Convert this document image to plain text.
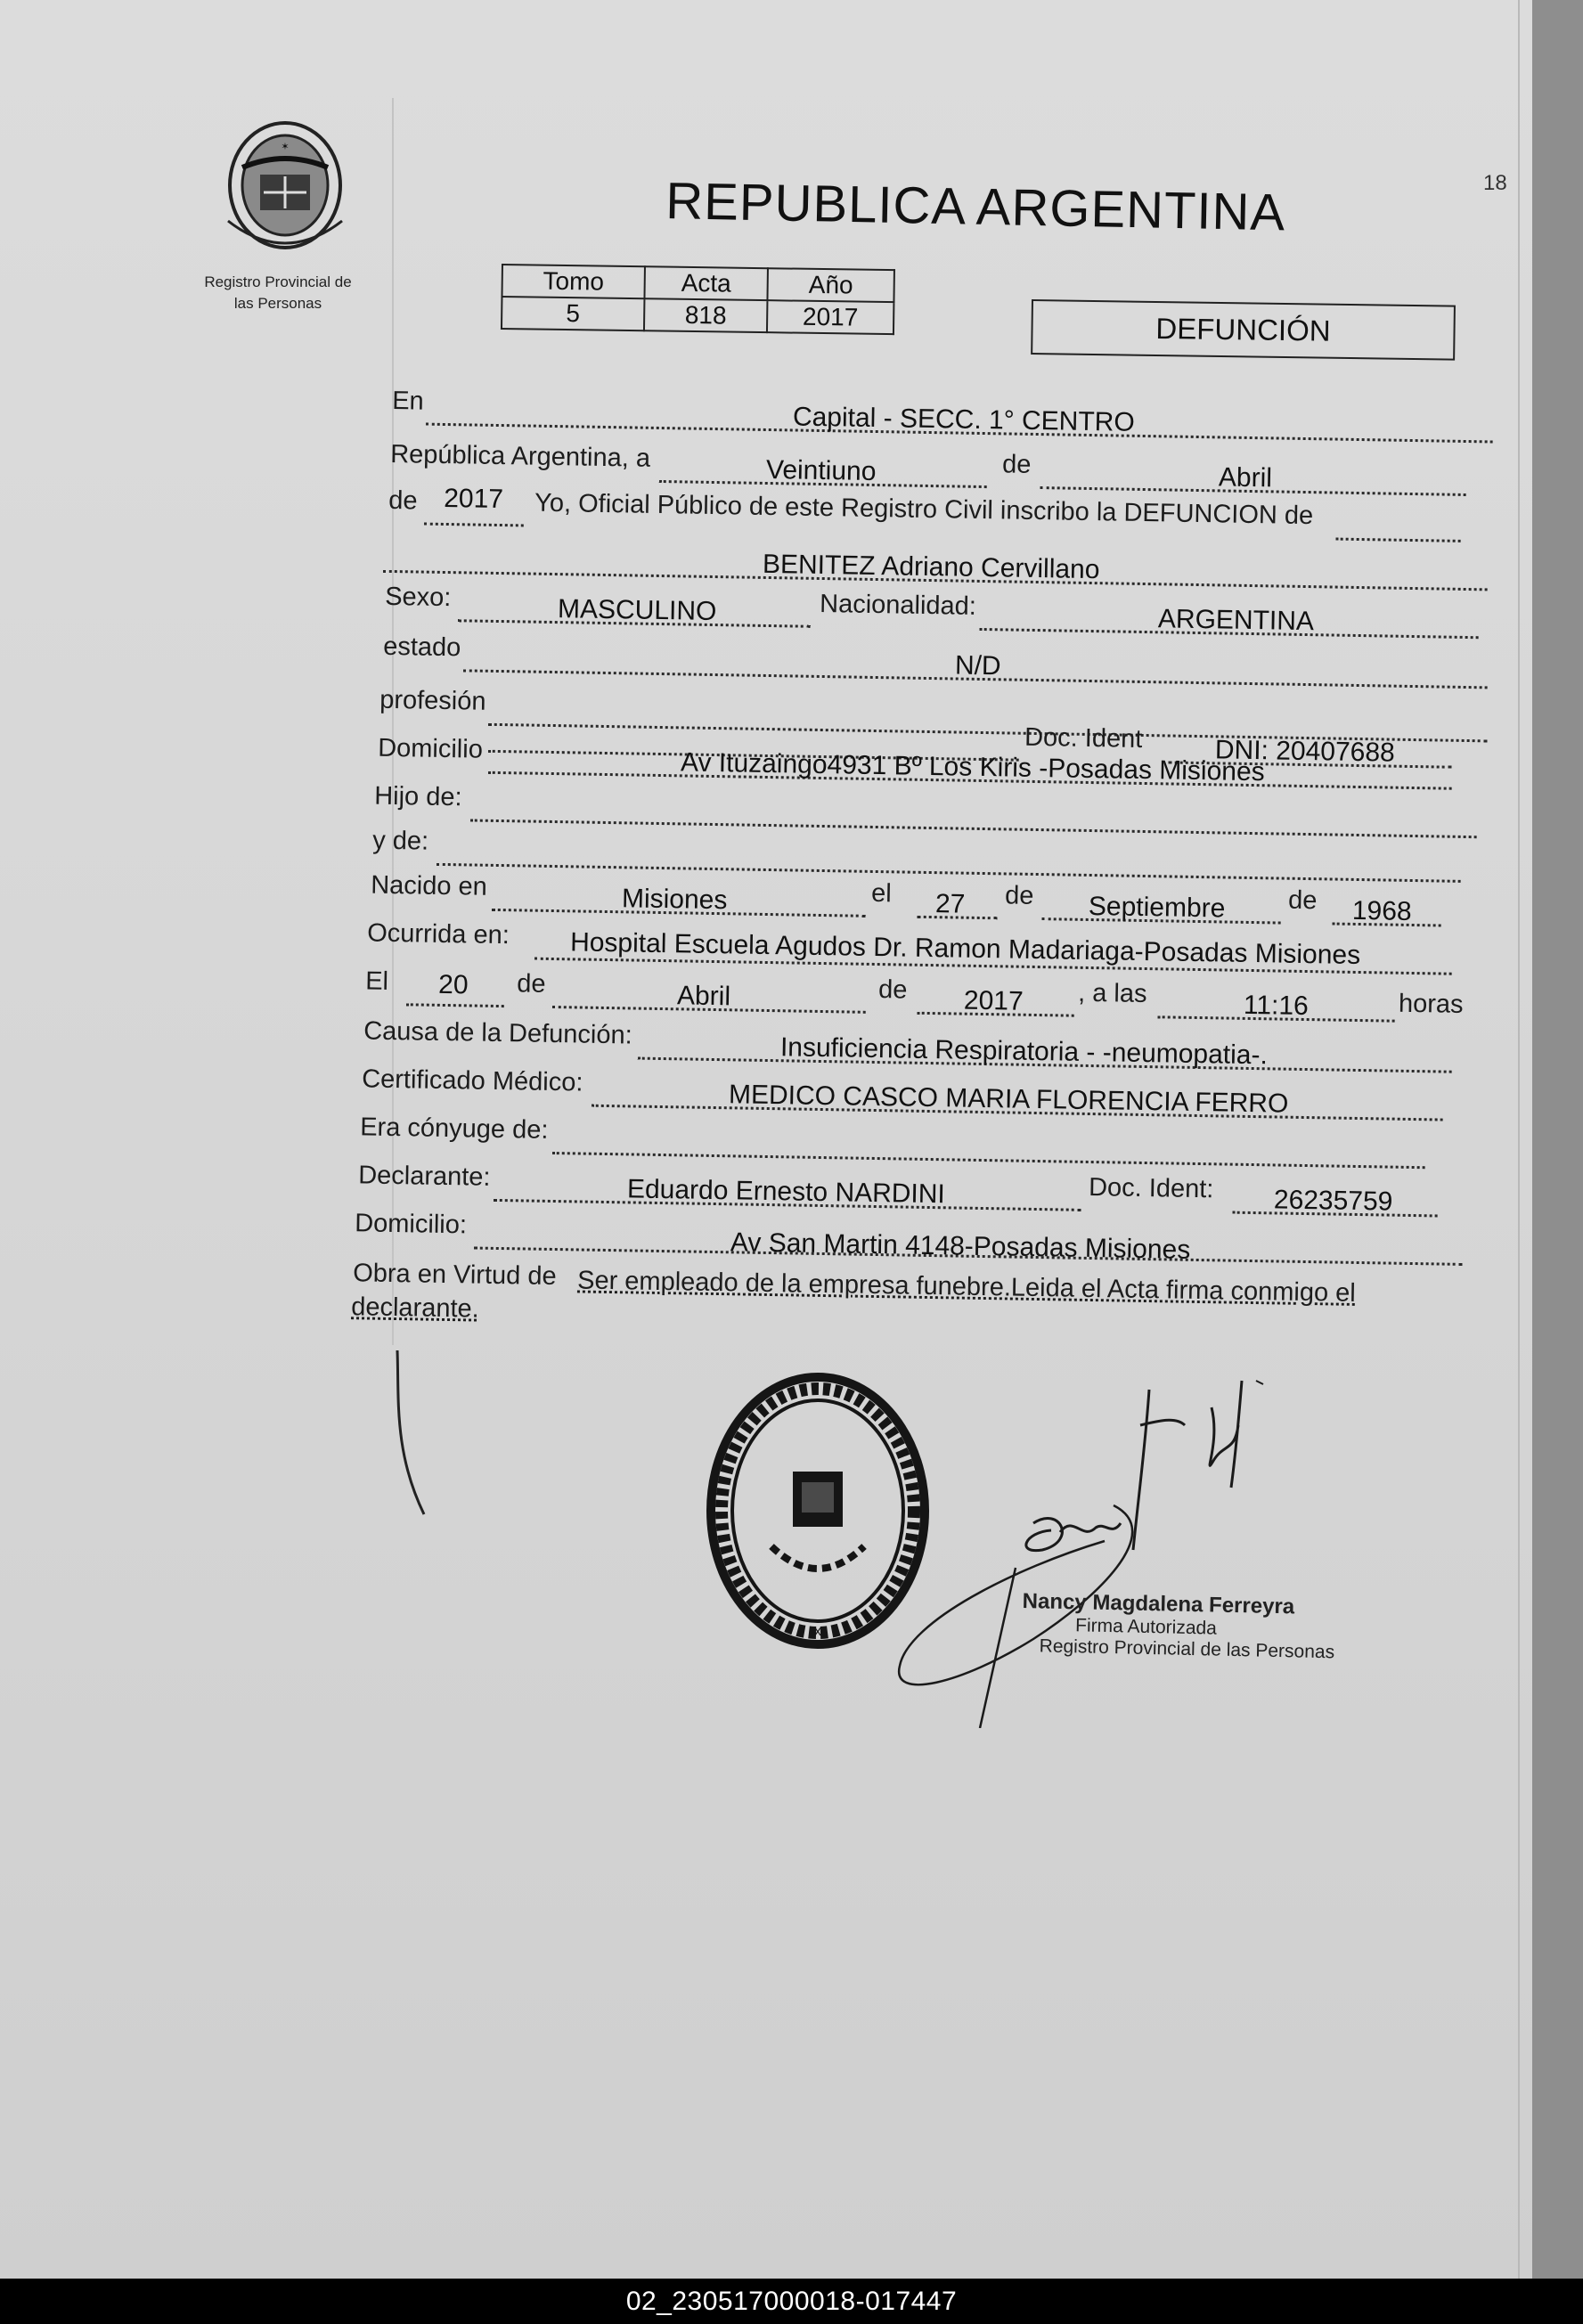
✶
Registro Provincial de
las Personas
REPUBLICA ARGENTINA	18
Tomo	Acta	Año
5	818	2017	DEFUNCIÓN
En
Capital - SECC. 1° CENTRO
República Argentina, a	Veintiuno	de	Abril
de 2017 Yo, Oficial Público de este Registro Civil inscribo la DEFUNCION de
BENITEZ Adriano Cervillano
Sexo:	MASCULINO	Nacionalidad:	ARGENTINA
estado
N/D
profesión
Doc. Ident	DNI: 20407688
Domicilio	Av Ituzaingo4931 Bº Los Kiris -Posadas Misiones
Hijo de:
y de:
Nacido en	Misiones	el 27 de Septiembre de 1968
Ocurrida en: Hospital Escuela Agudos Dr. Ramon Madariaga-Posadas Misiones
El 20 de	Abril	de 2017 , a las	11:16	horas
Causa de la Defunción:	Insuficiencia Respiratoria - -neumopatia-.
Certificado Médico:	MEDICO CASCO MARIA FLORENCIA FERRO
Era cónyuge de:
Declarante:	Eduardo Ernesto NARDINI	Doc. Ident: 26235759
Domicilio:
Av San Martin 4148-Posadas Misiones
Obra en Virtud de Ser empleado de la empresa funebre.Leida el Acta firma conmigo el
declarante.
x
Nancy Magdalena Ferreyra
Firma Autorizada
Registro Provincial de las Personas
02_230517000018-017447
